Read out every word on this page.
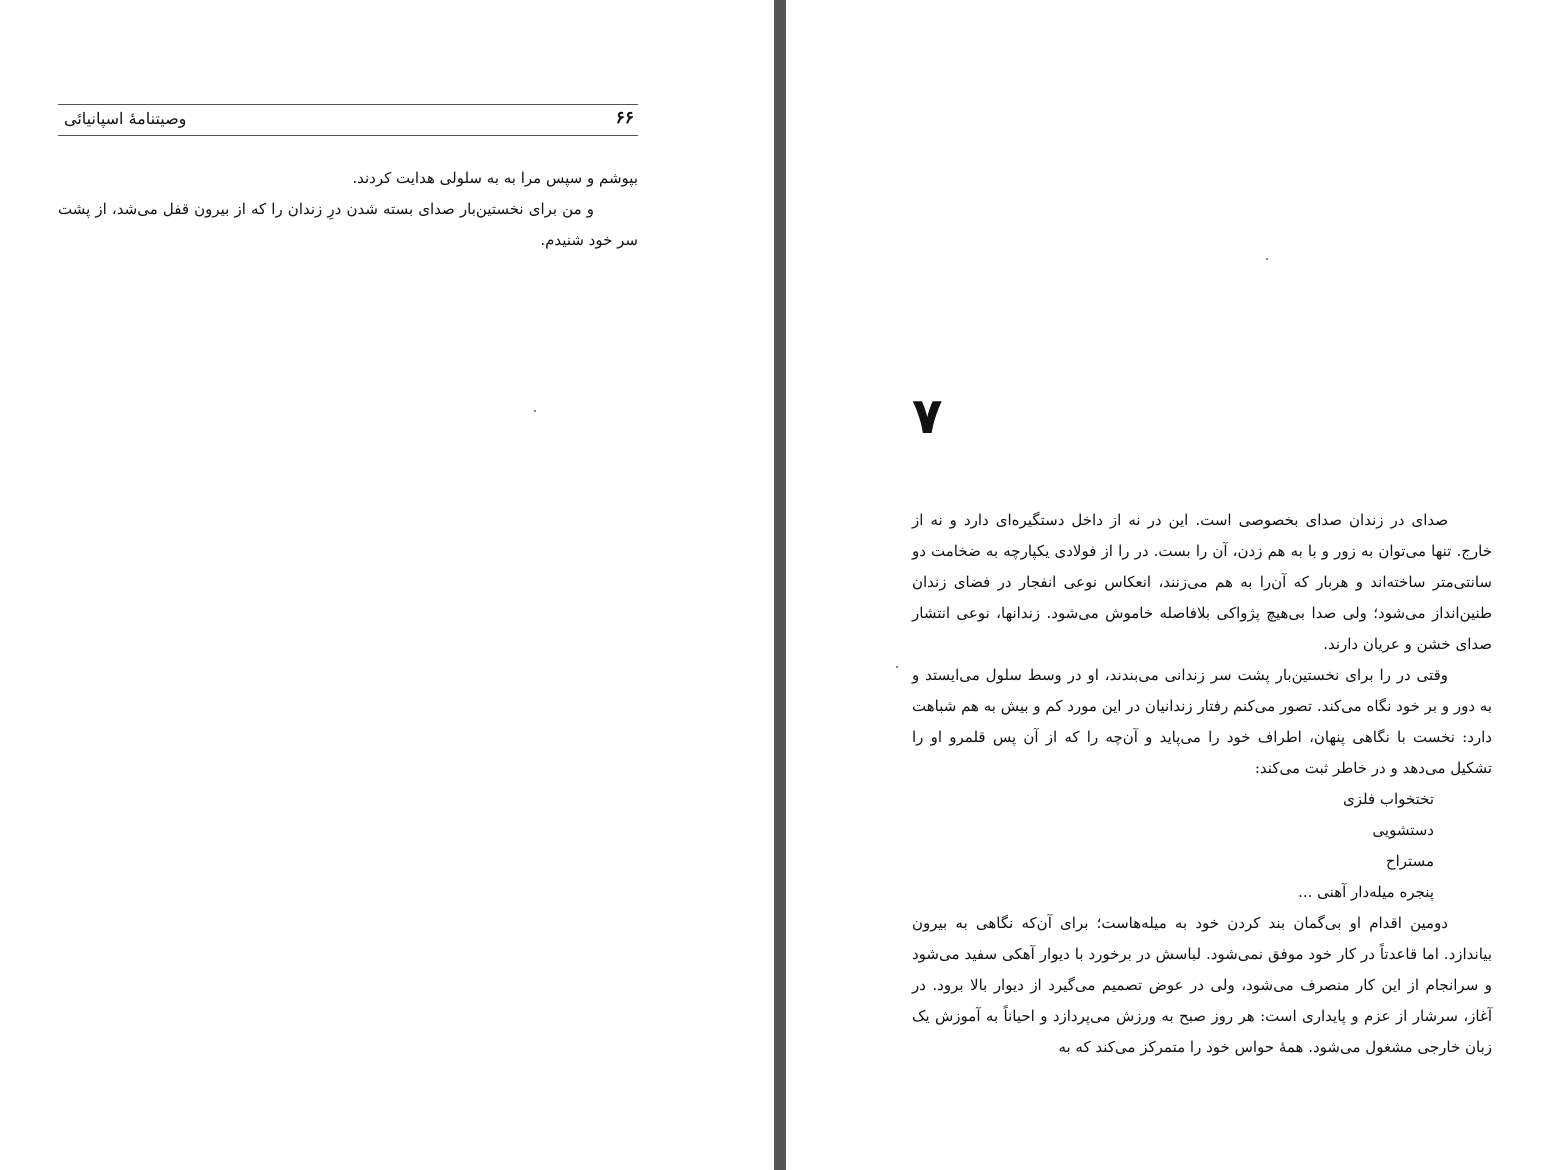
وصیتنامهٔ اسپانیائی	۶۶

بپوشم و سپس مرا به به سلولی هدایت کردند.

و من برای نخستین‌بار صدای بسته شدن درِ زندان را که از بیرون قفل می‌شد، از پشت سر خود شنیدم.

۷

صدای در زندان صدای بخصوصی است. این در نه از داخل دستگیره‌ای دارد و نه از خارج. تنها می‌توان به زور و با به هم زدن، آن را بست. در را از فولادی یکپارچه به ضخامت دو سانتی‌متر ساخته‌اند و هربار که آن‌را به هم می‌زنند، انعکاس نوعی انفجار در فضای زندان طنین‌انداز می‌شود؛ ولی صدا بی‌هیچ پژواکی بلافاصله خاموش می‌شود. زندانها، نوعی انتشار صدای خشن و عریان دارند.

وقتی در را برای نخستین‌بار پشت سر زندانی می‌بندند، او در وسط سلول می‌ایستد و به دور و بر خود نگاه می‌کند. تصور می‌کنم رفتار زندانیان در این مورد کم و بیش به هم شباهت دارد: نخست با نگاهی پنهان، اطراف خود را می‌پاید و آن‌چه را که از آن پس قلمرو او را تشکیل می‌دهد و در خاطر ثبت می‌کند:

تختخواب فلزی

دستشویی

مستراح

پنجره میله‌دار آهنی ...

دومین اقدام او بی‌گمان بند کردن خود به میله‌هاست؛ برای آن‌که نگاهی به بیرون بیاندازد. اما قاعدتاً در کار خود موفق نمی‌شود. لباسش در برخورد با دیوار آهکی سفید می‌شود و سرانجام از این کار منصرف می‌شود، ولی در عوض تصمیم می‌گیرد از دیوار بالا برود. در آغاز، سرشار از عزم و پایداری است: هر روز صبح به ورزش می‌پردازد و احیاناً به آموزش یک زبان خارجی مشغول می‌شود. همهٔ حواس خود را متمرکز می‌کند که به
